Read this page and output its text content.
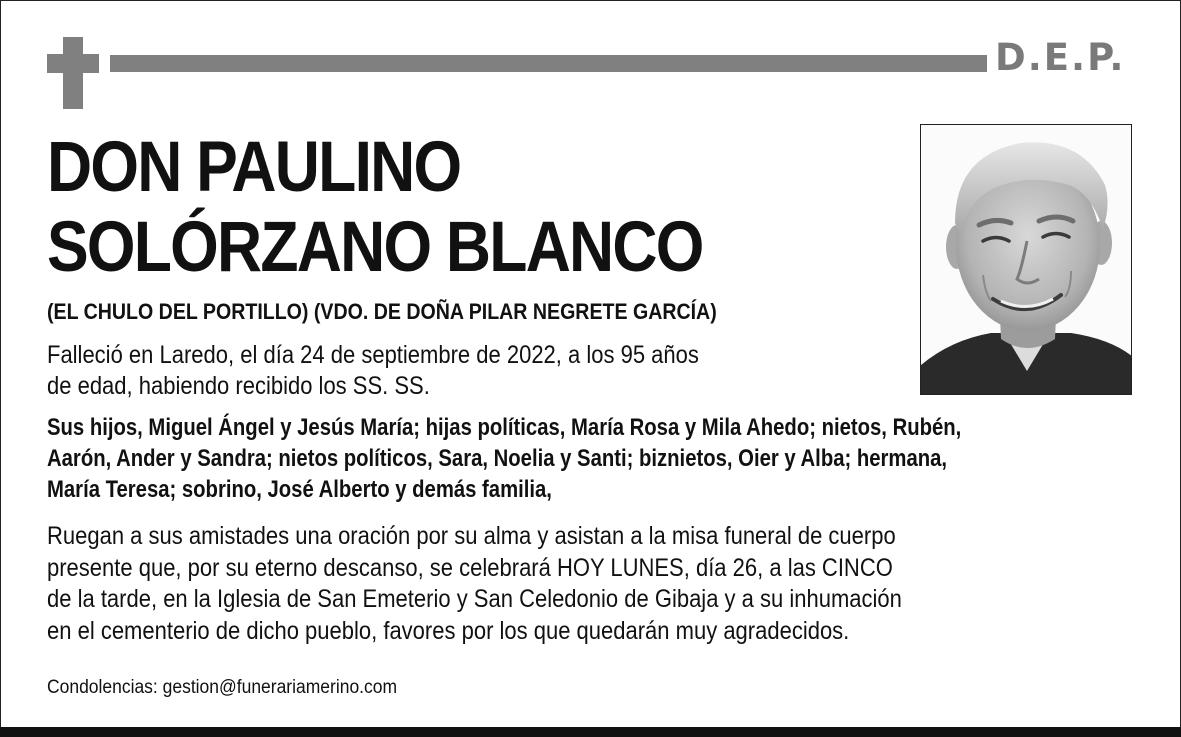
D.E.P.
DON PAULINO
SOLÓRZANO BLANCO
(EL CHULO DEL PORTILLO) (VDO. DE DOÑA PILAR NEGRETE GARCÍA)
Falleció en Laredo, el día 24 de septiembre de 2022, a los 95 años
de edad, habiendo recibido los SS. SS.
Sus hijos, Miguel Ángel y Jesús María; hijas políticas, María Rosa y Mila Ahedo; nietos, Rubén,
Aarón, Ander y Sandra; nietos políticos, Sara, Noelia y Santi; biznietos, Oier y Alba; hermana,
María Teresa; sobrino, José Alberto y demás familia,
Ruegan a sus amistades una oración por su alma y asistan a la misa funeral de cuerpo
presente que, por su eterno descanso, se celebrará HOY LUNES, día 26, a las CINCO
de la tarde, en la Iglesia de San Emeterio y San Celedonio de Gibaja y a su inhumación
en el cementerio de dicho pueblo, favores por los que quedarán muy agradecidos.
Condolencias: gestion@funerariamerino.com
